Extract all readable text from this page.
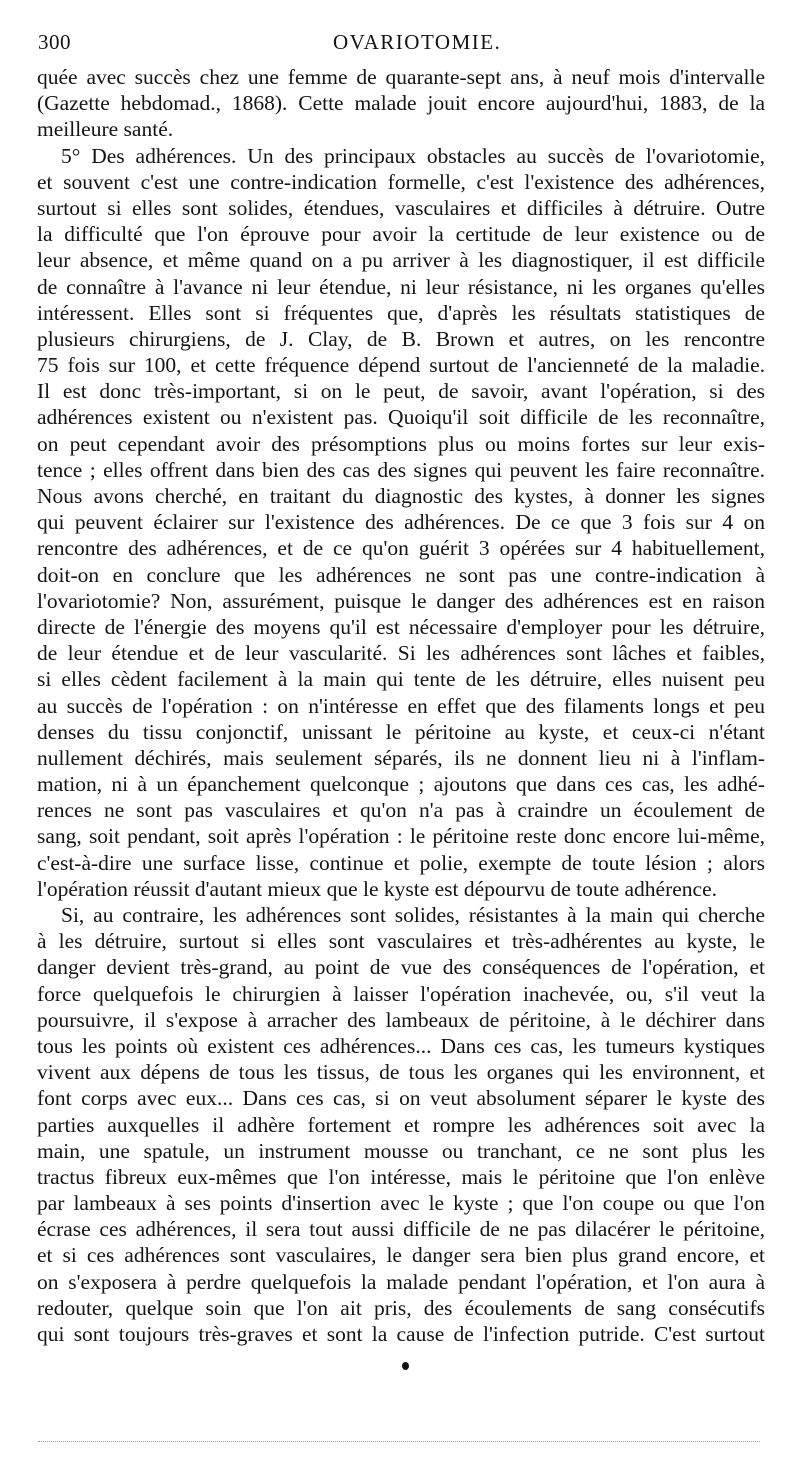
300	OVARIOTOMIE.
quée avec succès chez une femme de quarante-sept ans, à neuf mois d'intervalle
(Gazette hebdomad., 1868). Cette malade jouit encore aujourd'hui, 1883, de la
meilleure santé.
5° Des adhérences. Un des principaux obstacles au succès de l'ovariotomie,
et souvent c'est une contre-indication formelle, c'est l'existence des adhérences,
surtout si elles sont solides, étendues, vasculaires et difficiles à détruire. Outre
la difficulté que l'on éprouve pour avoir la certitude de leur existence ou de
leur absence, et même quand on a pu arriver à les diagnostiquer, il est difficile
de connaître à l'avance ni leur étendue, ni leur résistance, ni les organes qu'elles
intéressent. Elles sont si fréquentes que, d'après les résultats statistiques de
plusieurs chirurgiens, de J. Clay, de B. Brown et autres, on les rencontre
75 fois sur 100, et cette fréquence dépend surtout de l'ancienneté de la maladie.
Il est donc très-important, si on le peut, de savoir, avant l'opération, si des
adhérences existent ou n'existent pas. Quoiqu'il soit difficile de les reconnaître,
on peut cependant avoir des présomptions plus ou moins fortes sur leur exis-
tence ; elles offrent dans bien des cas des signes qui peuvent les faire reconnaître.
Nous avons cherché, en traitant du diagnostic des kystes, à donner les signes
qui peuvent éclairer sur l'existence des adhérences. De ce que 3 fois sur 4 on
rencontre des adhérences, et de ce qu'on guérit 3 opérées sur 4 habituellement,
doit-on en conclure que les adhérences ne sont pas une contre-indication à
l'ovariotomie? Non, assurément, puisque le danger des adhérences est en raison
directe de l'énergie des moyens qu'il est nécessaire d'employer pour les détruire,
de leur étendue et de leur vascularité. Si les adhérences sont lâches et faibles,
si elles cèdent facilement à la main qui tente de les détruire, elles nuisent peu
au succès de l'opération : on n'intéresse en effet que des filaments longs et peu
denses du tissu conjonctif, unissant le péritoine au kyste, et ceux-ci n'étant
nullement déchirés, mais seulement séparés, ils ne donnent lieu ni à l'inflam-
mation, ni à un épanchement quelconque ; ajoutons que dans ces cas, les adhé-
rences ne sont pas vasculaires et qu'on n'a pas à craindre un écoulement de
sang, soit pendant, soit après l'opération : le péritoine reste donc encore lui-même,
c'est-à-dire une surface lisse, continue et polie, exempte de toute lésion ; alors
l'opération réussit d'autant mieux que le kyste est dépourvu de toute adhérence.
Si, au contraire, les adhérences sont solides, résistantes à la main qui cherche
à les détruire, surtout si elles sont vasculaires et très-adhérentes au kyste, le
danger devient très-grand, au point de vue des conséquences de l'opération, et
force quelquefois le chirurgien à laisser l'opération inachevée, ou, s'il veut la
poursuivre, il s'expose à arracher des lambeaux de péritoine, à le déchirer dans
tous les points où existent ces adhérences... Dans ces cas, les tumeurs kystiques
vivent aux dépens de tous les tissus, de tous les organes qui les environnent, et
font corps avec eux... Dans ces cas, si on veut absolument séparer le kyste des
parties auxquelles il adhère fortement et rompre les adhérences soit avec la
main, une spatule, un instrument mousse ou tranchant, ce ne sont plus les
tractus fibreux eux-mêmes que l'on intéresse, mais le péritoine que l'on enlève
par lambeaux à ses points d'insertion avec le kyste ; que l'on coupe ou que l'on
écrase ces adhérences, il sera tout aussi difficile de ne pas dilacérer le péritoine,
et si ces adhérences sont vasculaires, le danger sera bien plus grand encore, et
on s'exposera à perdre quelquefois la malade pendant l'opération, et l'on aura à
redouter, quelque soin que l'on ait pris, des écoulements de sang consécutifs
qui sont toujours très-graves et sont la cause de l'infection putride. C'est surtout
